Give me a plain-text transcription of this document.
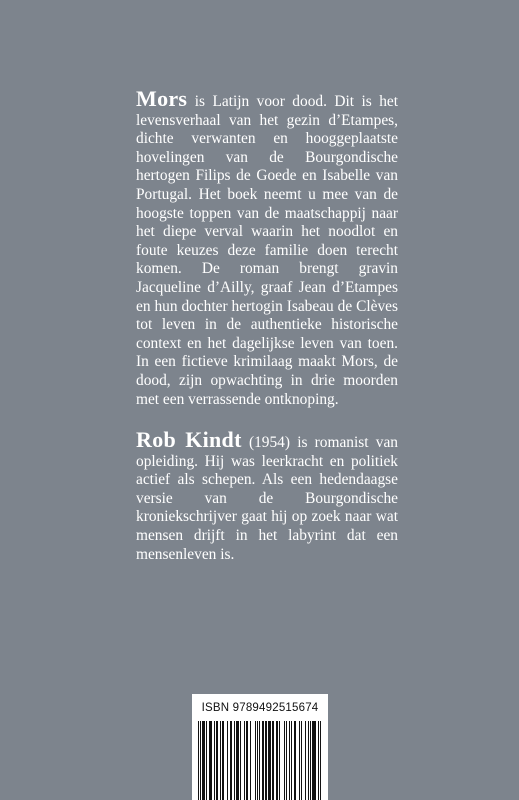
Mors is Latijn voor dood. Dit is het levensverhaal van het gezin d’Etampes, dichte verwanten en hooggeplaatste hovelingen van de Bourgondische hertogen Filips de Goede en Isabelle van Portugal. Het boek neemt u mee van de hoogste toppen van de maatschappij naar het diepe verval waarin het noodlot en foute keuzes deze familie doen terecht komen. De roman brengt gravin Jacqueline d’Ailly, graaf Jean d’Etampes en hun dochter hertogin Isabeau de Clèves tot leven in de authentieke historische context en het dagelijkse leven van toen. In een fictieve krimilaag maakt Mors, de dood, zijn opwachting in drie moorden met een verrassende ontknoping.

Rob Kindt (1954) is romanist van opleiding. Hij was leerkracht en politiek actief als schepen. Als een hedendaagse versie van de Bourgondische kroniekschrijver gaat hij op zoek naar wat mensen drijft in het labyrint dat een mensenleven is.

ISBN 9789492515674
